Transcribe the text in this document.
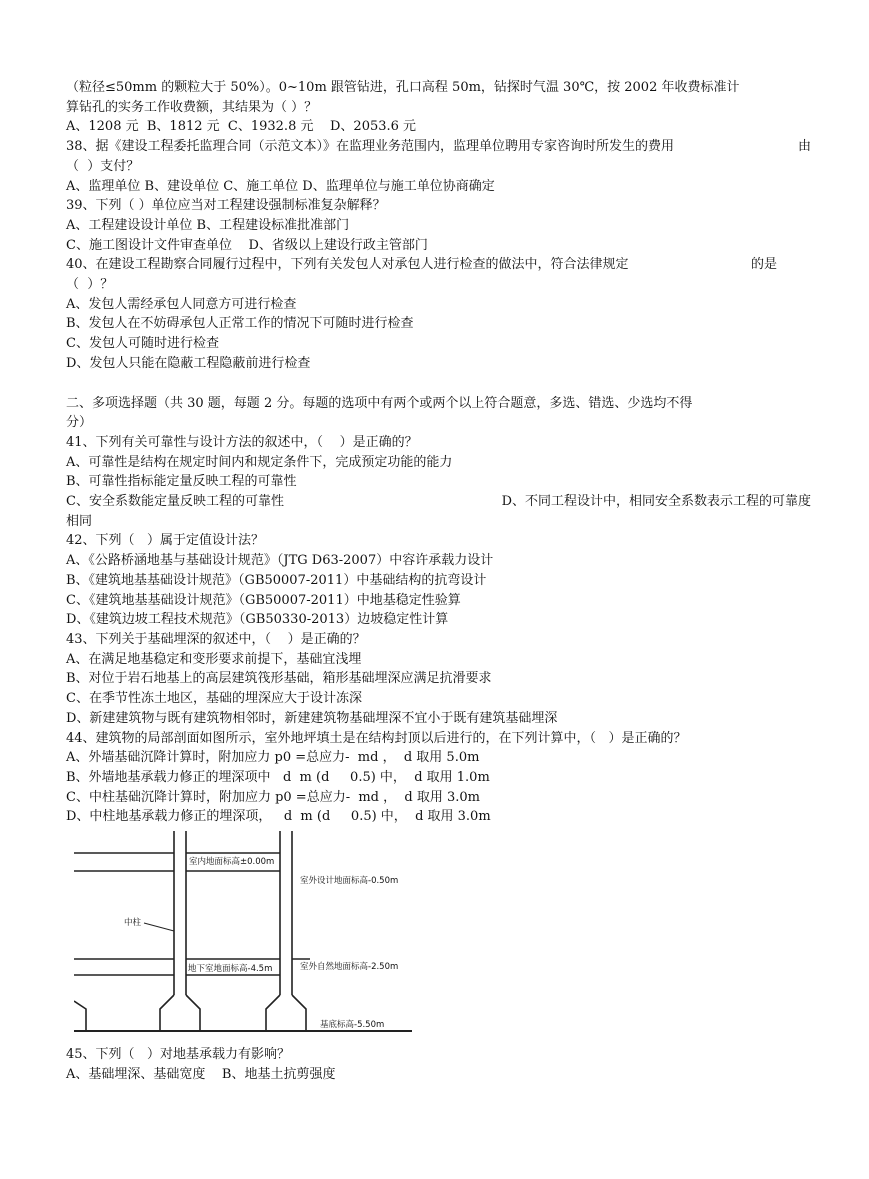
（粒径≤50mm 的颗粒大于 50%）。0~10m 跟管钻进，孔口高程 50m，钻探时气温 30℃，按 2002 年收费标准计

算钻孔的实务工作收费额，其结果为（ ）？

A、1208 元  B、1812 元  C、1932.8 元    D、2053.6 元

38、据《建设工程委托监理合同（示范文本）》在监理业务范围内，监理单位聘用专家咨询时所发生的费用	由

（  ）支付？

A、监理单位 B、建设单位 C、施工单位 D、监理单位与施工单位协商确定

39、下列（ ）单位应当对工程建设强制标准复杂解释？

A、工程建设设计单位 B、工程建设标准批准部门

C、施工图设计文件审查单位    D、省级以上建设行政主管部门

40、在建设工程勘察合同履行过程中，下列有关发包人对承包人进行检查的做法中，符合法律规定	的是

（  ）？

A、发包人需经承包人同意方可进行检查

B、发包人在不妨碍承包人正常工作的情况下可随时进行检查

C、发包人可随时进行检查

D、发包人只能在隐蔽工程隐蔽前进行检查

二、多项选择题（共 30 题，每题 2 分。每题的选项中有两个或两个以上符合题意，多选、错选、少选均不得

分）

41、下列有关可靠性与设计方法的叙述中，（    ）是正确的？

A、可靠性是结构在规定时间内和规定条件下，完成预定功能的能力

B、可靠性指标能定量反映工程的可靠性

C、安全系数能定量反映工程的可靠性	D、不同工程设计中，相同安全系数表示工程的可靠度

相同

42、下列（   ）属于定值设计法？

A、《公路桥涵地基与基础设计规范》（JTG D63-2007）中容许承载力设计

B、《建筑地基基础设计规范》（GB50007-2011）中基础结构的抗弯设计

C、《建筑地基基础设计规范》（GB50007-2011）中地基稳定性验算

D、《建筑边坡工程技术规范》（GB50330-2013）边坡稳定性计算

43、下列关于基础埋深的叙述中，（    ）是正确的？

A、在满足地基稳定和变形要求前提下，基础宜浅埋

B、对位于岩石地基上的高层建筑筏形基础，箱形基础埋深应满足抗滑要求

C、在季节性冻土地区，基础的埋深应大于设计冻深

D、新建建筑物与既有建筑物相邻时，新建建筑物基础埋深不宜小于既有建筑基础埋深

44、建筑物的局部剖面如图所示，室外地坪填土是在结构封顶以后进行的，在下列计算中，（   ）是正确的？

A、外墙基础沉降计算时，附加应力 p0 =总应力-  md ，  d 取用 5.0m

B、外墙地基承载力修正的埋深项中   d  m (d     0.5) 中，  d 取用 1.0m

C、中柱基础沉降计算时，附加应力 p0 =总应力-  md ，  d 取用 3.0m

D、中柱地基承载力修正的埋深项，   d  m (d     0.5) 中，  d 取用 3.0m

室内地面标高±0.00m
室外设计地面标高-0.50m
中柱
地下室地面标高-4.5m	室外自然地面标高-2.50m
基底标高-5.50m

45、下列（   ）对地基承载力有影响？

A、基础埋深、基础宽度    B、地基土抗剪强度
